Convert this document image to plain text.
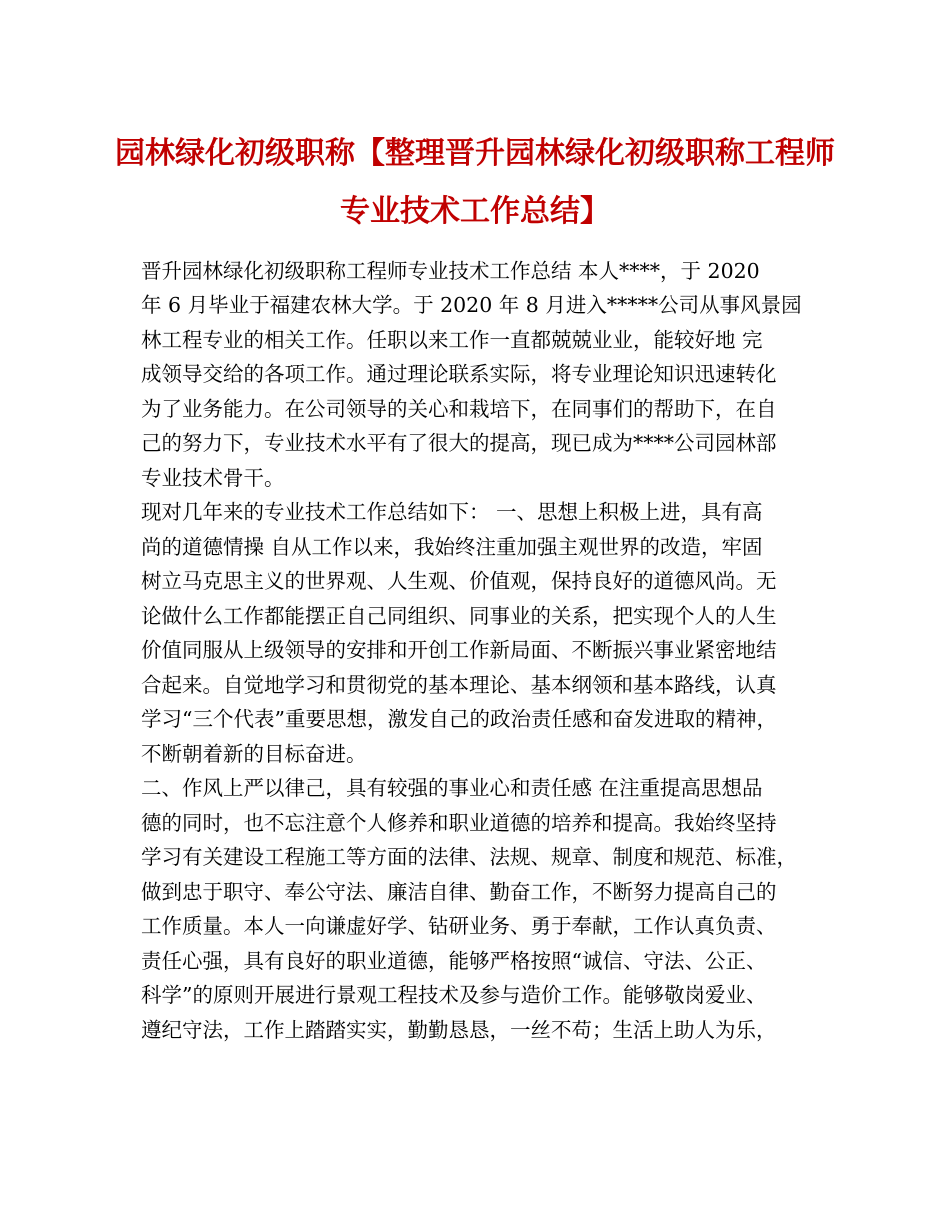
园林绿化初级职称【整理晋升园林绿化初级职称工程师
专业技术工作总结】
晋升园林绿化初级职称工程师专业技术工作总结 本人****，于 2020
年 6 月毕业于福建农林大学。于 2020 年 8 月进入*****公司从事风景园
林工程专业的相关工作。任职以来工作一直都兢兢业业，能较好地 完
成领导交给的各项工作。通过理论联系实际，将专业理论知识迅速转化
为了业务能力。在公司领导的关心和栽培下，在同事们的帮助下，在自
己的努力下，专业技术水平有了很大的提高，现已成为****公司园林部
专业技术骨干。
现对几年来的专业技术工作总结如下： 一、思想上积极上进，具有高
尚的道德情操 自从工作以来，我始终注重加强主观世界的改造，牢固
树立马克思主义的世界观、人生观、价值观，保持良好的道德风尚。无
论做什么工作都能摆正自己同组织、同事业的关系，把实现个人的人生
价值同服从上级领导的安排和开创工作新局面、不断振兴事业紧密地结
合起来。自觉地学习和贯彻党的基本理论、基本纲领和基本路线，认真
学习“三个代表”重要思想，激发自己的政治责任感和奋发进取的精神，
不断朝着新的目标奋进。
二、作风上严以律己，具有较强的事业心和责任感 在注重提高思想品
德的同时，也不忘注意个人修养和职业道德的培养和提高。我始终坚持
学习有关建设工程施工等方面的法律、法规、规章、制度和规范、标准，
做到忠于职守、奉公守法、廉洁自律、勤奋工作，不断努力提高自己的
工作质量。本人一向谦虚好学、钻研业务、勇于奉献，工作认真负责、
责任心强，具有良好的职业道德，能够严格按照“诚信、守法、公正、
科学”的原则开展进行景观工程技术及参与造价工作。能够敬岗爱业、
遵纪守法，工作上踏踏实实，勤勤恳恳，一丝不苟；生活上助人为乐，
